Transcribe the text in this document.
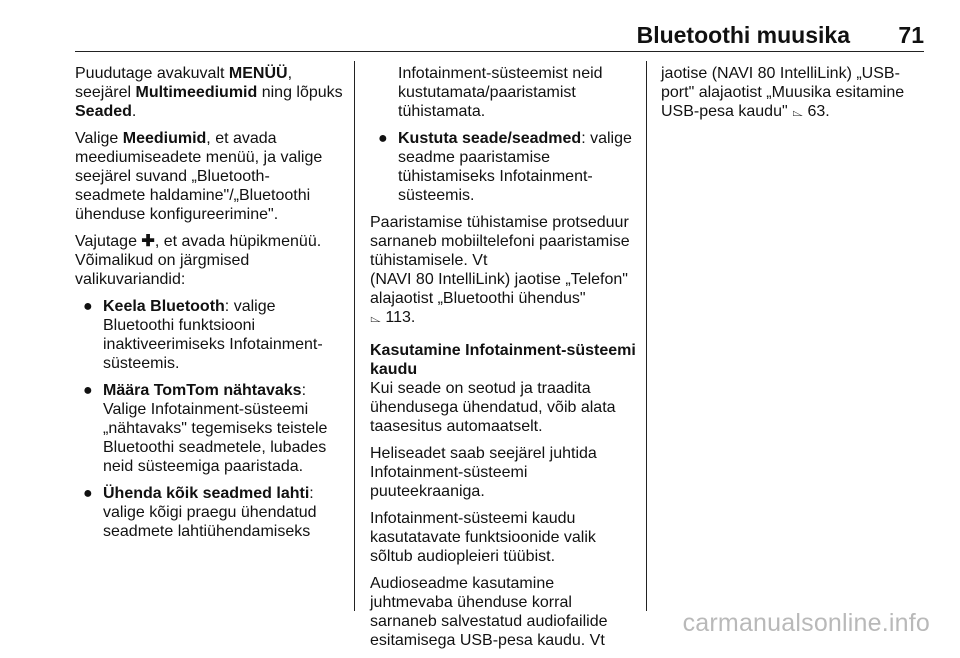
Bluetoothi muusika 71

Puudutage avakuvalt MENÜÜ,
seejärel Multimeediumid ning lõpuks
Seaded.

Valige Meediumid, et avada
meediumiseadete menüü, ja valige
seejärel suvand „Bluetooth-
seadmete haldamine"/„Bluetoothi
ühenduse konfigureerimine".

Vajutage ✚, et avada hüpikmenüü.
Võimalikud on järgmised
valikuvariandid:

● Keela Bluetooth: valige
Bluetoothi funktsiooni
inaktiveerimiseks Infotainment-
süsteemis.
● Määra TomTom nähtavaks:
Valige Infotainment-süsteemi
„nähtavaks" tegemiseks teistele
Bluetoothi seadmetele, lubades
neid süsteemiga paaristada.
● Ühenda kõik seadmed lahti:
valige kõigi praegu ühendatud
seadmete lahtiühendamiseks
Infotainment-süsteemist neid
kustutamata/paaristamist
tühistamata.
● Kustuta seade/seadmed: valige
seadme paaristamise
tühistamiseks Infotainment-
süsteemis.

Paaristamise tühistamise protseduur
sarnaneb mobiiltelefoni paaristamise
tühistamisele. Vt
(NAVI 80 IntelliLink) jaotise „Telefon"
alajaotist „Bluetoothi ühendus"
⌳ 113.

Kasutamine Infotainment-süsteemi
kaudu

Kui seade on seotud ja traadita
ühendusega ühendatud, võib alata
taasesitus automaatselt.

Heliseadet saab seejärel juhtida
Infotainment-süsteemi
puuteekraaniga.

Infotainment-süsteemi kaudu
kasutatavate funktsioonide valik
sõltub audiopleieri tüübist.

Audioseadme kasutamine
juhtmevaba ühenduse korral
sarnaneb salvestatud audiofailide
esitamisega USB-pesa kaudu. Vt

jaotise (NAVI 80 IntelliLink) „USB-
port" alajaotist „Muusika esitamine
USB-pesa kaudu" ⌳ 63.

carmanualsonline.info
